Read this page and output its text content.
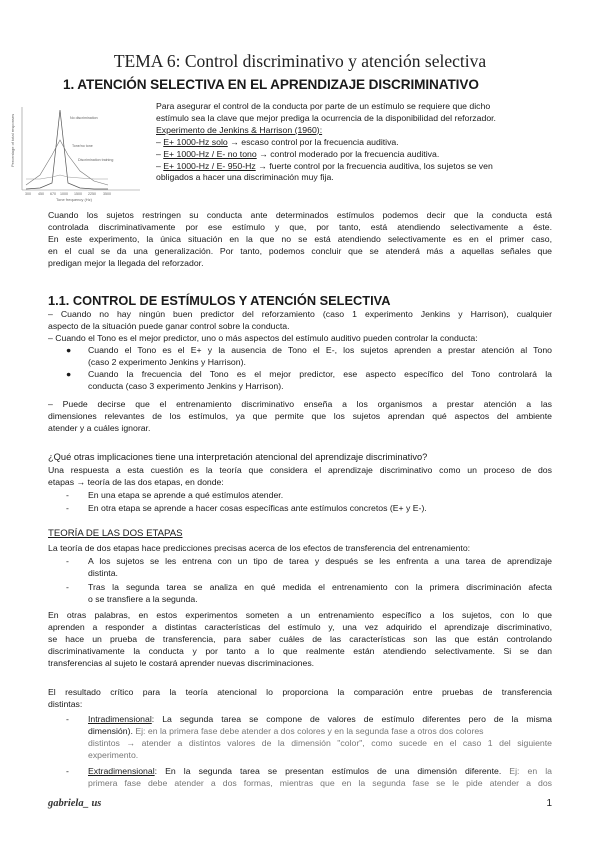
TEMA 6: Control discriminativo y atención selectiva
1. ATENCIÓN SELECTIVA EN EL APRENDIZAJE DISCRIMINATIVO
Percentage of total responses
300 450 670 1000 1500 2250 3500
Tone frequency (Hz)
No discrimination
Tone/no tone
Discrimination training
Para asegurar el control de la conducta por parte de un estímulo se requiere que dicho
estímulo sea la clave que mejor prediga la ocurrencia de la disponibilidad del reforzador.
Experimento de Jenkins & Harrison (1960):
– E+ 1000-Hz solo → escaso control por la frecuencia auditiva.
– E+ 1000-Hz / E- no tono → control moderado por la frecuencia auditiva.
– E+ 1000-Hz / E- 950-Hz → fuerte control por la frecuencia auditiva, los sujetos se ven
obligados a hacer una discriminación muy fija.
Cuando los sujetos restringen su conducta ante determinados estímulos podemos decir que la conducta está
controlada discriminativamente por ese estímulo y que, por tanto, está atendiendo selectivamente a éste.
En este experimento, la única situación en la que no se está atendiendo selectivamente es en el primer caso,
en el cual se da una generalización. Por tanto, podemos concluir que se atenderá más a aquellas señales que
predigan mejor la llegada del reforzador.
1.1. CONTROL DE ESTÍMULOS Y ATENCIÓN SELECTIVA
– Cuando no hay ningún buen predictor del reforzamiento (caso 1 experimento Jenkins y Harrison), cualquier
aspecto de la situación puede ganar control sobre la conducta.
– Cuando el Tono es el mejor predictor, uno o más aspectos del estímulo auditivo pueden controlar la conducta:
● Cuando el Tono es el E+ y la ausencia de Tono el E-, los sujetos aprenden a prestar atención al Tono
(caso 2 experimento Jenkins y Harrison).
● Cuando la frecuencia del Tono es el mejor predictor, ese aspecto específico del Tono controlará la
conducta (caso 3 experimento Jenkins y Harrison).
– Puede decirse que el entrenamiento discriminativo enseña a los organismos a prestar atención a las
dimensiones relevantes de los estímulos, ya que permite que los sujetos aprendan qué aspectos del ambiente
atender y a cuáles ignorar.
¿Qué otras implicaciones tiene una interpretación atencional del aprendizaje discriminativo?
Una respuesta a esta cuestión es la teoría que considera el aprendizaje discriminativo como un proceso de dos
etapas → teoría de las dos etapas, en donde:
- En una etapa se aprende a qué estímulos atender.
- En otra etapa se aprende a hacer cosas específicas ante estímulos concretos (E+ y E-).
TEORÍA DE LAS DOS ETAPAS
La teoría de dos etapas hace predicciones precisas acerca de los efectos de transferencia del entrenamiento:
- A los sujetos se les entrena con un tipo de tarea y después se les enfrenta a una tarea de aprendizaje
distinta.
- Tras la segunda tarea se analiza en qué medida el entrenamiento con la primera discriminación afecta
o se transfiere a la segunda.
En otras palabras, en estos experimentos someten a un entrenamiento específico a los sujetos, con lo que
aprenden a responder a distintas características del estímulo y, una vez adquirido el aprendizaje discriminativo,
se hace un prueba de transferencia, para saber cuáles de las características son las que están controlando
discriminativamente la conducta y por tanto a lo que realmente están atendiendo selectivamente. Si se dan
transferencias al sujeto le costará aprender nuevas discriminaciones.
El resultado crítico para la teoría atencional lo proporciona la comparación entre pruebas de transferencia
distintas:
- Intradimensional: La segunda tarea se compone de valores de estímulo diferentes pero de la misma
dimensión). Ej: en la primera fase debe atender a dos colores y en la segunda fase a otros dos colores
distintos → atender a distintos valores de la dimensión "color", como sucede en el caso 1 del siguiente
experimento.
- Extradimensional: En la segunda tarea se presentan estímulos de una dimensión diferente. Ej: en la
primera fase debe atender a dos formas, mientras que en la segunda fase se le pide atender a dos
gabriela_ us	1
